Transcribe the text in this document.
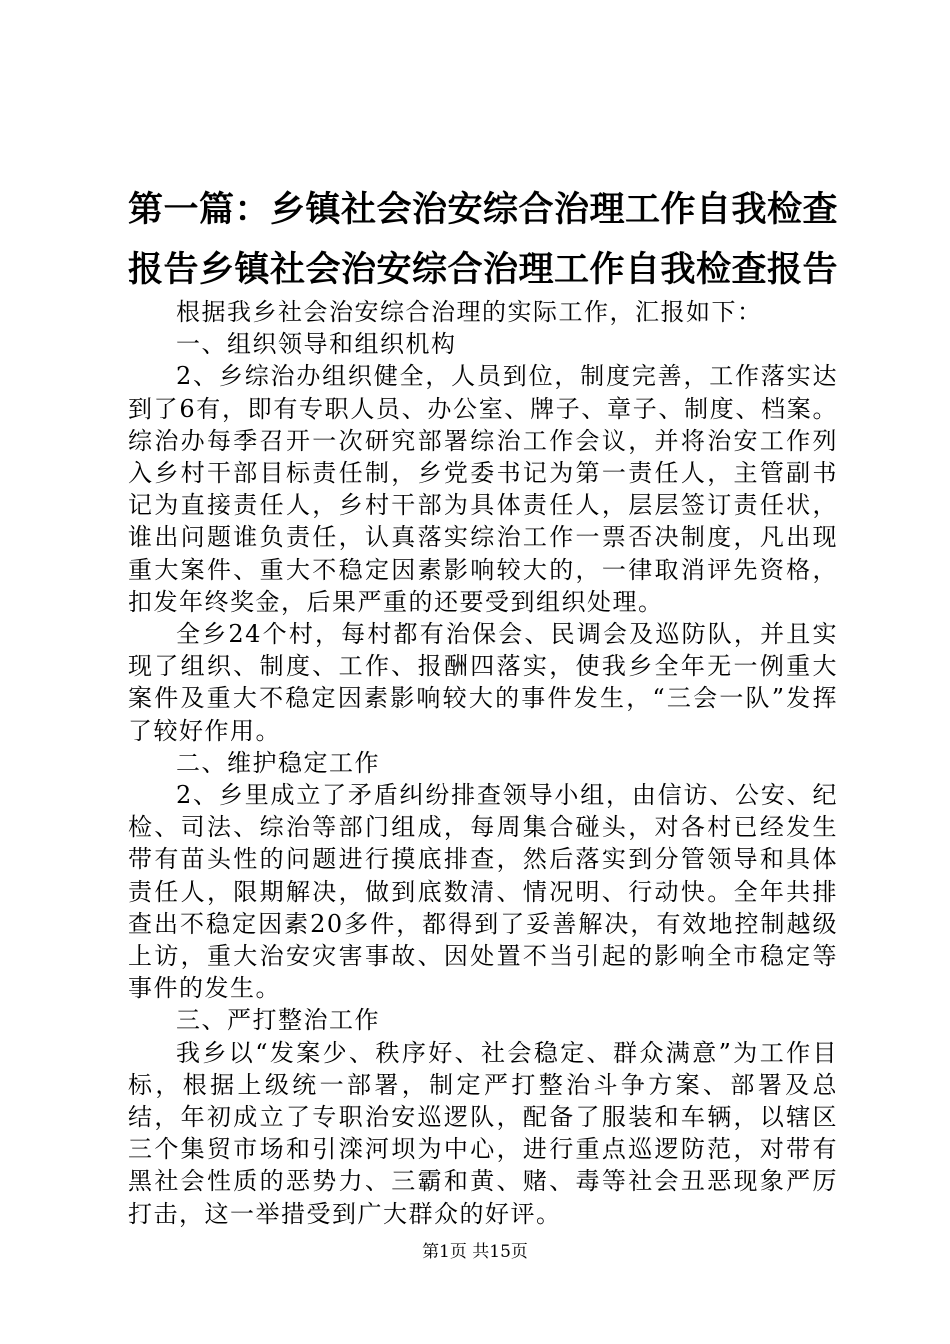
第一篇：乡镇社会治安综合治理工作自我检查报告乡镇社会治安综合治理工作自我检查报告

根据我乡社会治安综合治理的实际工作，汇报如下：

一、组织领导和组织机构

2、乡综治办组织健全，人员到位，制度完善，工作落实达到了6有，即有专职人员、办公室、牌子、章子、制度、档案。综治办每季召开一次研究部署综治工作会议，并将治安工作列入乡村干部目标责任制，乡党委书记为第一责任人，主管副书记为直接责任人，乡村干部为具体责任人，层层签订责任状，谁出问题谁负责任，认真落实综治工作一票否决制度，凡出现重大案件、重大不稳定因素影响较大的，一律取消评先资格，扣发年终奖金，后果严重的还要受到组织处理。

全乡24个村，每村都有治保会、民调会及巡防队，并且实现了组织、制度、工作、报酬四落实，使我乡全年无一例重大案件及重大不稳定因素影响较大的事件发生，“三会一队”发挥了较好作用。

二、维护稳定工作

2、乡里成立了矛盾纠纷排查领导小组，由信访、公安、纪检、司法、综治等部门组成，每周集合碰头，对各村已经发生带有苗头性的问题进行摸底排查，然后落实到分管领导和具体责任人，限期解决，做到底数清、情况明、行动快。全年共排查出不稳定因素20多件，都得到了妥善解决，有效地控制越级上访，重大治安灾害事故、因处置不当引起的影响全市稳定等事件的发生。

三、严打整治工作

我乡以“发案少、秩序好、社会稳定、群众满意”为工作目标，根据上级统一部署，制定严打整治斗争方案、部署及总结，年初成立了专职治安巡逻队，配备了服装和车辆，以辖区三个集贸市场和引滦河坝为中心，进行重点巡逻防范，对带有黑社会性质的恶势力、三霸和黄、赌、毒等社会丑恶现象严厉打击，这一举措受到广大群众的好评。

第1页 共15页
